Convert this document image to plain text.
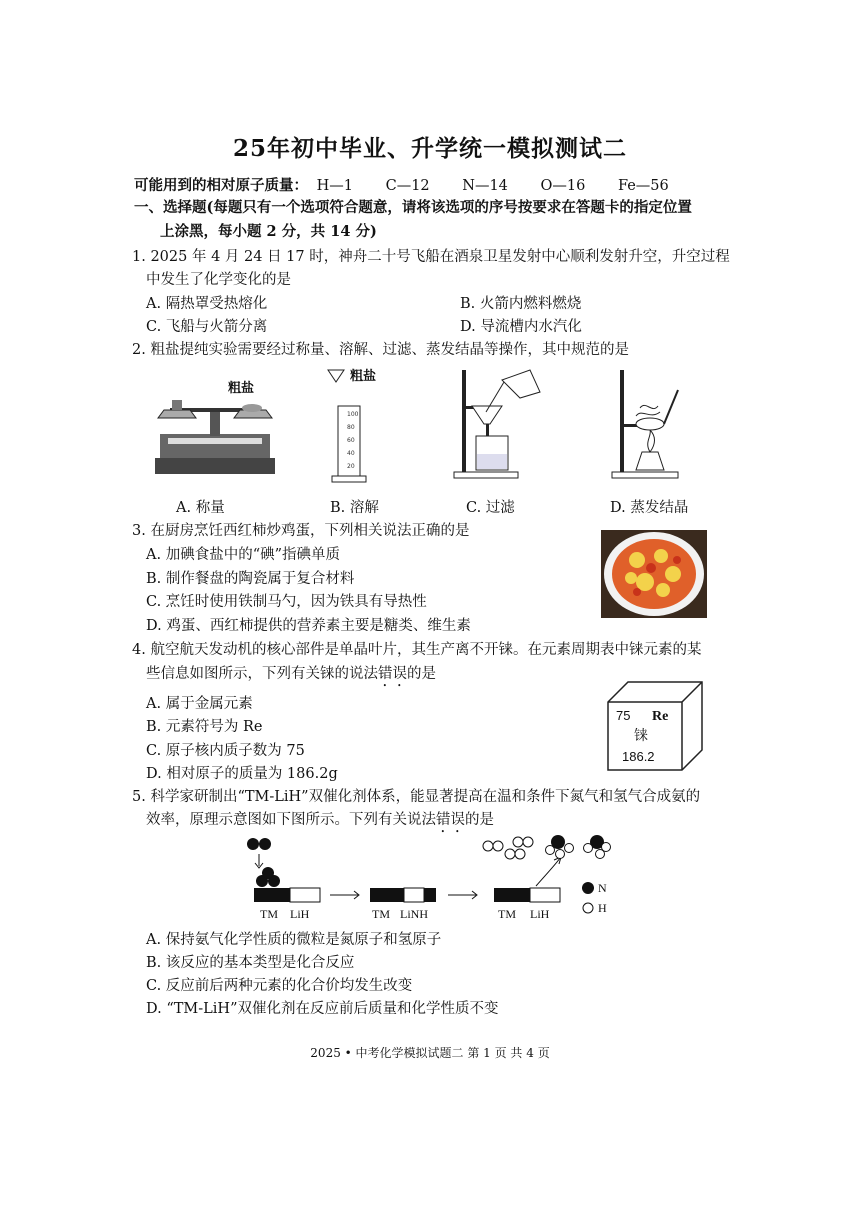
25年初中毕业、升学统一模拟测试二
可能用到的相对原子质量： H—1 C—12 N—14 O—16 Fe—56
一、选择题(每题只有一个选项符合题意，请将该选项的序号按要求在答题卡的指定位置
上涂黑，每小题 2 分，共 14 分)
1. 2025 年 4 月 24 日 17 时，神舟二十号飞船在酒泉卫星发射中心顺利发射升空，升空过程
中发生了化学变化的是
A. 隔热罩受热熔化	B. 火箭内燃料燃烧
C. 飞船与火箭分离	D. 导流槽内水汽化
2. 粗盐提纯实验需要经过称量、溶解、过滤、蒸发结晶等操作，其中规范的是
粗盐
A. 称量
粗盐
100
80
60
40
20
B. 溶解	C. 过滤	D. 蒸发结晶
3. 在厨房烹饪西红柿炒鸡蛋，下列相关说法正确的是
A. 加碘食盐中的“碘”指碘单质
B. 制作餐盘的陶瓷属于复合材料
C. 烹饪时使用铁制马勺，因为铁具有导热性
D. 鸡蛋、西红柿提供的营养素主要是糖类、维生素
4. 航空航天发动机的核心部件是单晶叶片，其生产离不开铼。在元素周期表中铼元素的某
些信息如图所示，下列有关铼的说法错误的是
A. 属于金属元素
B. 元素符号为 Re
C. 原子核内质子数为 75
D. 相对原子的质量为 186.2g
75 Re
铼
186.2
5. 科学家研制出“TM-LiH”双催化剂体系，能显著提高在温和条件下氮气和氢气合成氨的
效率，原理示意图如下图所示。下列有关说法错误的是
TM LiH	TM LiNH	TM LiH
N
H
A. 保持氨气化学性质的微粒是氮原子和氢原子
B. 该反应的基本类型是化合反应
C. 反应前后两种元素的化合价均发生改变
D. “TM-LiH”双催化剂在反应前后质量和化学性质不变
2025 • 中考化学模拟试题二 第 1 页 共 4 页
